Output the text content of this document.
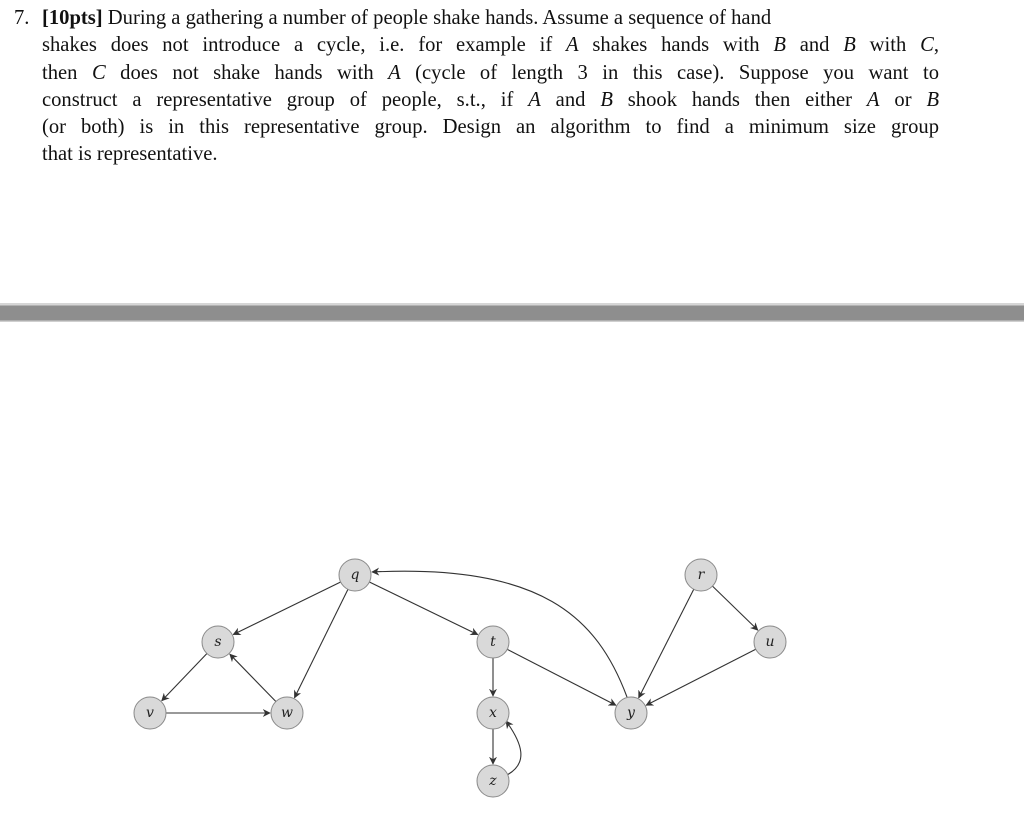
7. [10pts] During a gathering a number of people shake hands. Assume a sequence of hand

shakes does not introduce a cycle, i.e. for example if A shakes hands with B and B with C,
then C does not shake hands with A (cycle of length 3 in this case). Suppose you want to
construct a representative group of people, s.t., if A and B shook hands then either A or B
(or both) is in this representative group. Design an algorithm to find a minimum size group
that is representative.
q	r
s	t	u
v	w	x	y
z
